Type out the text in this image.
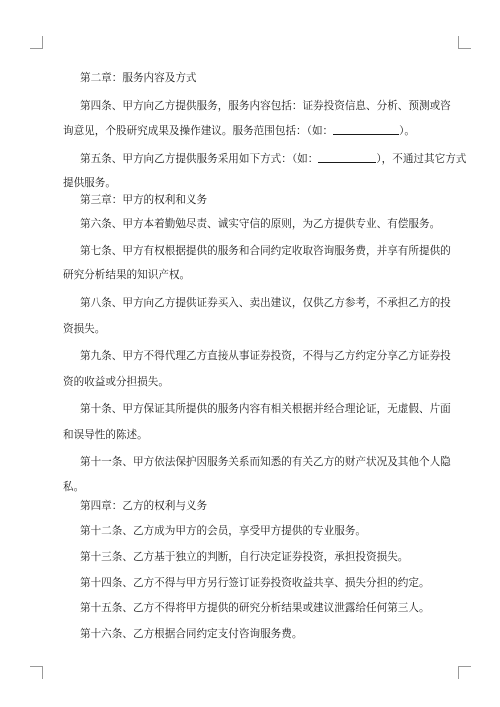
第二章：服务内容及方式
第四条、甲方向乙方提供服务，服务内容包括：证券投资信息、分析、预测或咨
询意见，个股研究成果及操作建议。服务范围包括：（如：	）。
第五条、甲方向乙方提供服务采用如下方式：（如：	），不通过其它方式
提供服务。
第三章：甲方的权利和义务
第六条、甲方本着勤勉尽责、诚实守信的原则，为乙方提供专业、有偿服务。
第七条、甲方有权根据提供的服务和合同约定收取咨询服务费，并享有所提供的
研究分析结果的知识产权。
第八条、甲方向乙方提供证券买入、卖出建议，仅供乙方参考，不承担乙方的投
资损失。
第九条、甲方不得代理乙方直接从事证券投资，不得与乙方约定分享乙方证券投
资的收益或分担损失。
第十条、甲方保证其所提供的服务内容有相关根据并经合理论证，无虚假、片面
和误导性的陈述。
第十一条、甲方依法保护因服务关系而知悉的有关乙方的财产状况及其他个人隐
私。
第四章：乙方的权利与义务
第十二条、乙方成为甲方的会员，享受甲方提供的专业服务。
第十三条、乙方基于独立的判断，自行决定证券投资，承担投资损失。
第十四条、乙方不得与甲方另行签订证券投资收益共享、损失分担的约定。
第十五条、乙方不得将甲方提供的研究分析结果或建议泄露给任何第三人。
第十六条、乙方根据合同约定支付咨询服务费。
